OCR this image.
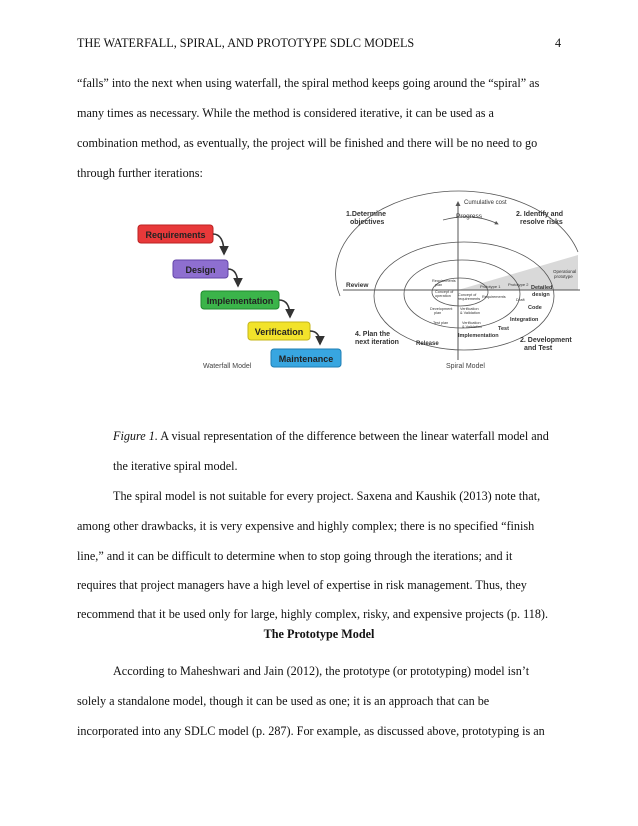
THE WATERFALL, SPIRAL, AND PROTOTYPE SDLC MODELS	4
“falls” into the next when using waterfall, the spiral method keeps going around the “spiral” as
many times as necessary. While the method is considered iterative, it can be used as a
combination method, as eventually, the project will be finished and there will be no need to go
through further iterations:
Requirements
Design
Implementation
Verification
Maintenance
Waterfall Model
Cumulative cost
Progress
1.Determine
objectives
2. Identify and
resolve risks
2. Development
and Test
4. Plan the
next iteration
Review
Release
Operational
prototype
Detailed
design
Code
Integration
Test
Implementation
Prototype 1 Prototype 2
Draft
Requirements
plan
Concept of
operation Concept of
requirements Requirements
Development
plan
Verification
& Validation
Test plan	Verification
& Validation
Spiral Model
Figure 1. A visual representation of the difference between the linear waterfall model and
the iterative spiral model.
The spiral model is not suitable for every project. Saxena and Kaushik (2013) note that,
among other drawbacks, it is very expensive and highly complex; there is no specified “finish
line,” and it can be difficult to determine when to stop going through the iterations; and it
requires that project managers have a high level of expertise in risk management. Thus, they
recommend that it be used only for large, highly complex, risky, and expensive projects (p. 118).
The Prototype Model
According to Maheshwari and Jain (2012), the prototype (or prototyping) model isn’t
solely a standalone model, though it can be used as one; it is an approach that can be
incorporated into any SDLC model (p. 287). For example, as discussed above, prototyping is an
